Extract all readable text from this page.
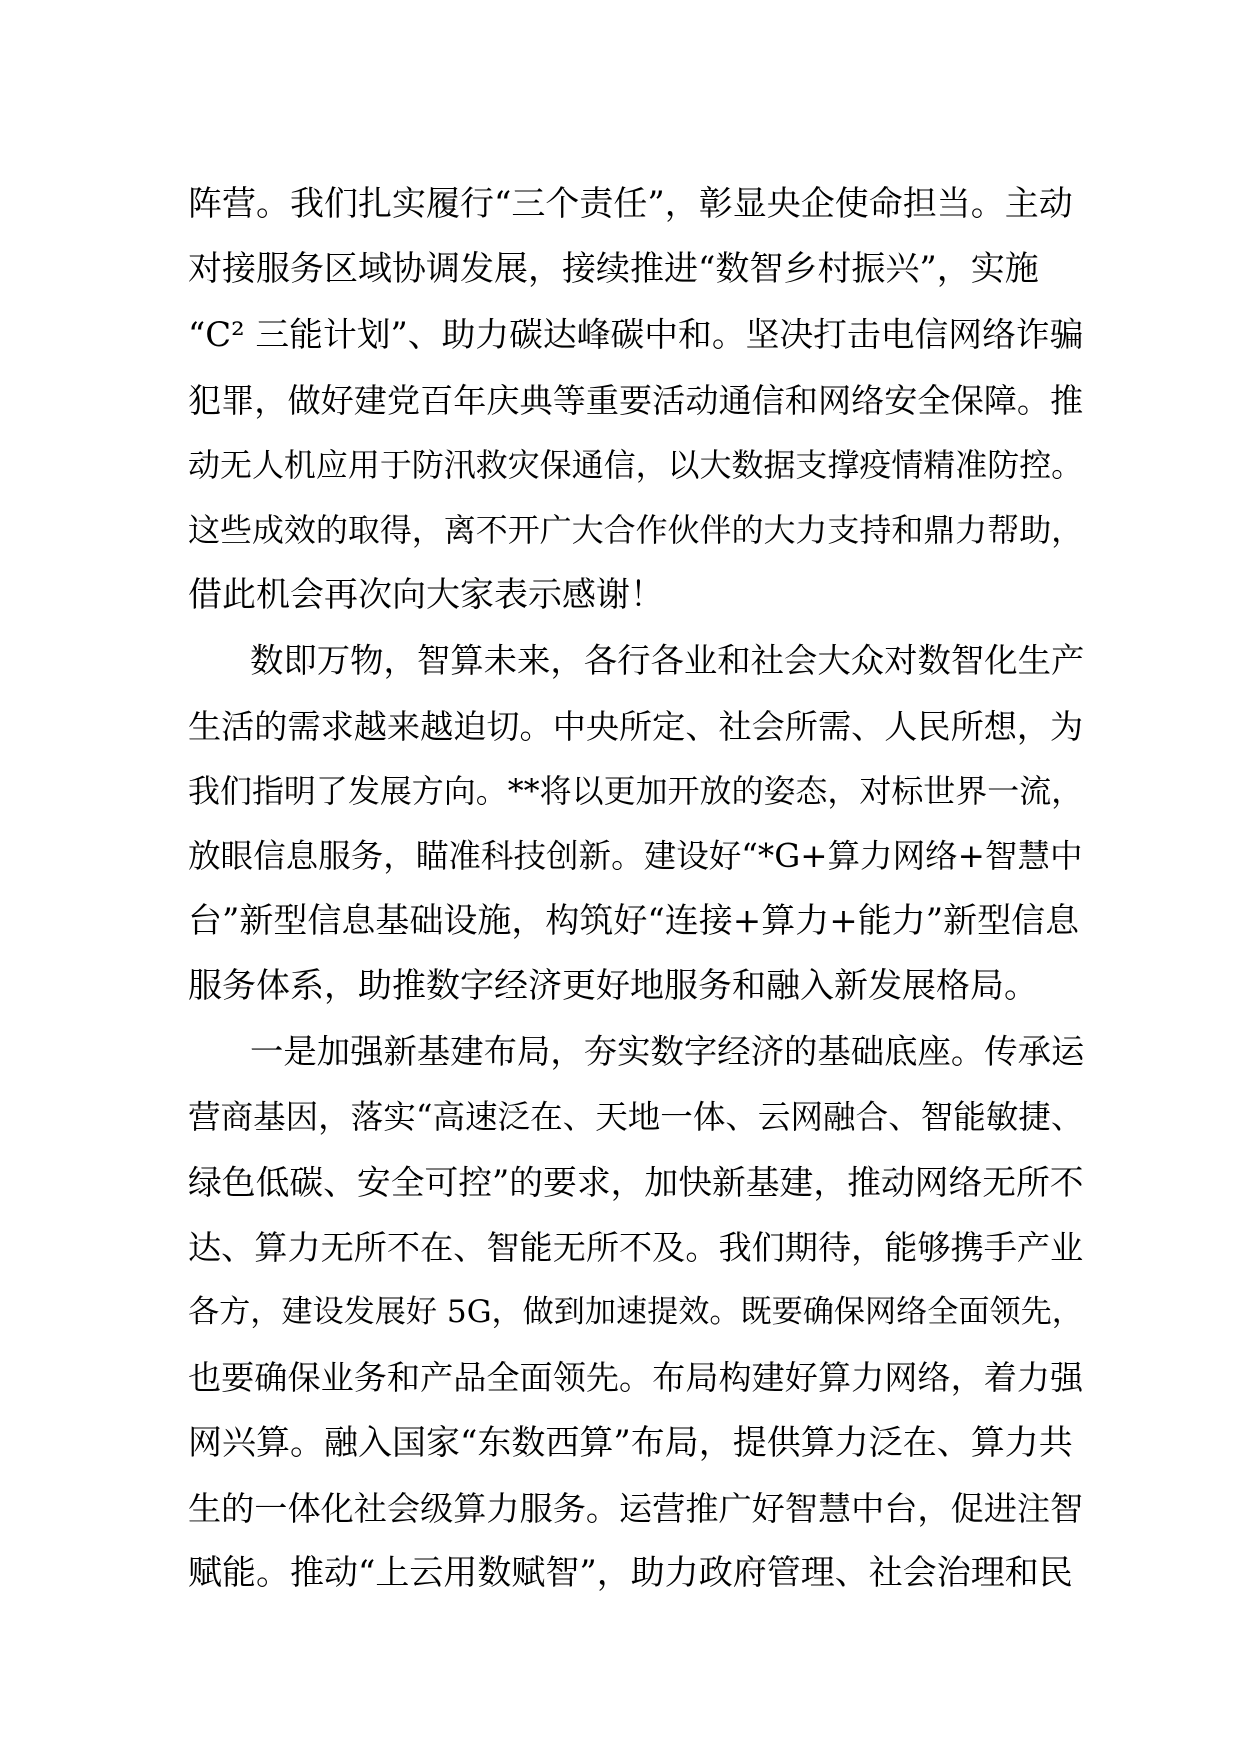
阵营。我们扎实履行“三个责任”，彰显央企使命担当。主动
对接服务区域协调发展，接续推进“数智乡村振兴”，实施
“C² 三能计划”、助力碳达峰碳中和。坚决打击电信网络诈骗
犯罪，做好建党百年庆典等重要活动通信和网络安全保障。推
动无人机应用于防汛救灾保通信，以大数据支撑疫情精准防控。
这些成效的取得，离不开广大合作伙伴的大力支持和鼎力帮助，
借此机会再次向大家表示感谢！
数即万物，智算未来，各行各业和社会大众对数智化生产
生活的需求越来越迫切。中央所定、社会所需、人民所想，为
我们指明了发展方向。**将以更加开放的姿态，对标世界一流，
放眼信息服务，瞄准科技创新。建设好“*G+算力网络+智慧中
台”新型信息基础设施，构筑好“连接+算力+能力”新型信息
服务体系，助推数字经济更好地服务和融入新发展格局。
一是加强新基建布局，夯实数字经济的基础底座。传承运
营商基因，落实“高速泛在、天地一体、云网融合、智能敏捷、
绿色低碳、安全可控”的要求，加快新基建，推动网络无所不
达、算力无所不在、智能无所不及。我们期待，能够携手产业
各方，建设发展好 5G，做到加速提效。既要确保网络全面领先，
也要确保业务和产品全面领先。布局构建好算力网络，着力强
网兴算。融入国家“东数西算”布局，提供算力泛在、算力共
生的一体化社会级算力服务。运营推广好智慧中台，促进注智
赋能。推动“上云用数赋智”，助力政府管理、社会治理和民
